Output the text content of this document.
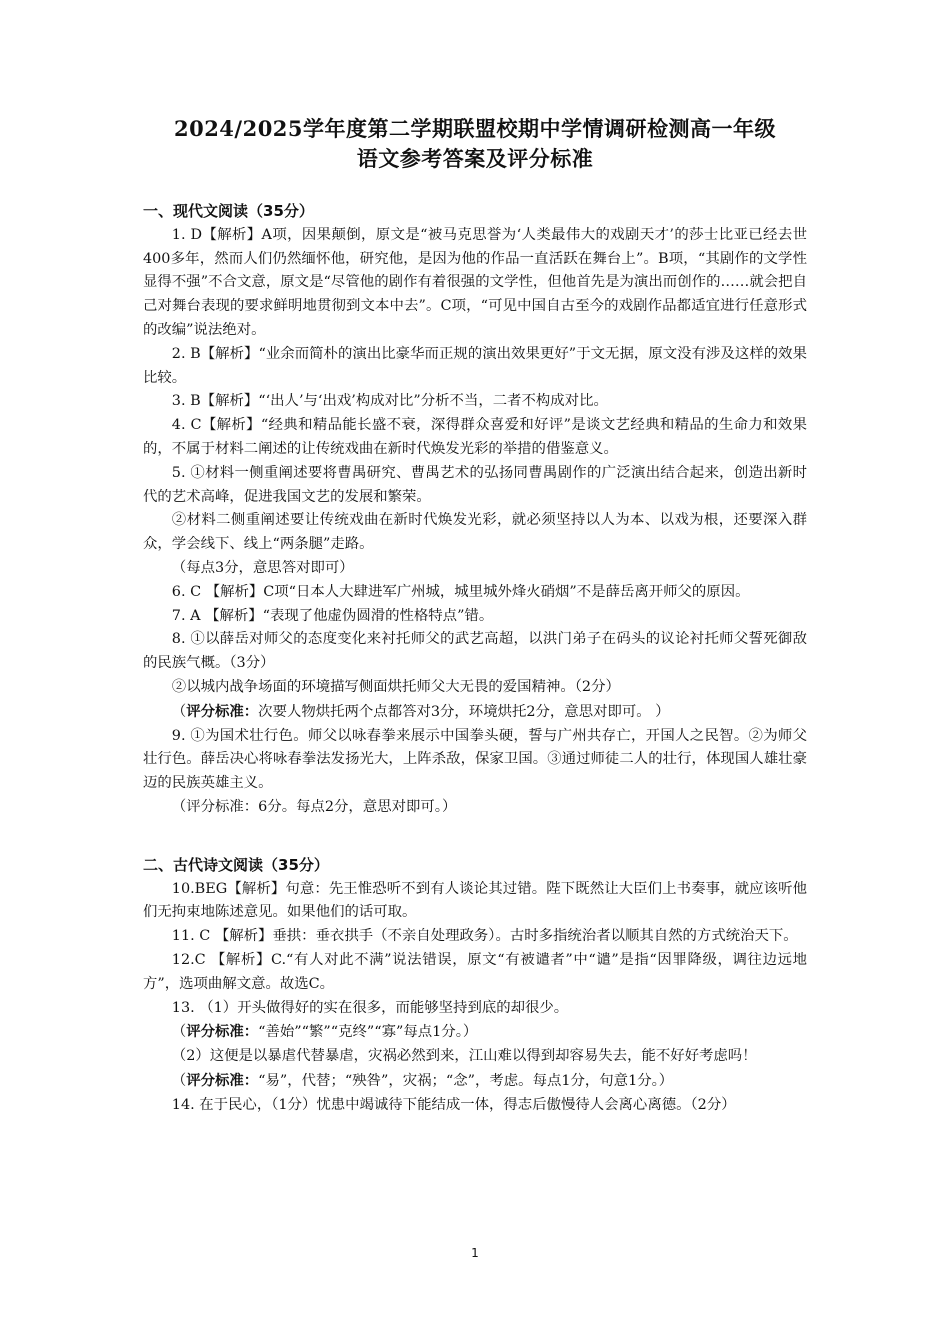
2024/2025学年度第二学期联盟校期中学情调研检测高一年级
语文参考答案及评分标准

一、现代文阅读（35分）

1. D【解析】A项，因果颠倒，原文是“被马克思誉为‘人类最伟大的戏剧天才’的莎士比亚已经去世400多年，然而人们仍然缅怀他，研究他，是因为他的作品一直活跃在舞台上”。B项，“其剧作的文学性显得不强”不合文意，原文是“尽管他的剧作有着很强的文学性，但他首先是为演出而创作的……就会把自己对舞台表现的要求鲜明地贯彻到文本中去”。C项，“可见中国自古至今的戏剧作品都适宜进行任意形式的改编”说法绝对。

2. B【解析】“业余而简朴的演出比豪华而正规的演出效果更好”于文无据，原文没有涉及这样的效果比较。

3. B【解析】“‘出人’与‘出戏’构成对比”分析不当，二者不构成对比。

4. C【解析】“经典和精品能长盛不衰，深得群众喜爱和好评”是谈文艺经典和精品的生命力和效果的，不属于材料二阐述的让传统戏曲在新时代焕发光彩的举措的借鉴意义。

5. ①材料一侧重阐述要将曹禺研究、曹禺艺术的弘扬同曹禺剧作的广泛演出结合起来，创造出新时代的艺术高峰，促进我国文艺的发展和繁荣。

②材料二侧重阐述要让传统戏曲在新时代焕发光彩，就必须坚持以人为本、以戏为根，还要深入群众，学会线下、线上“两条腿”走路。

（每点3分，意思答对即可）

6. C 【解析】C项“日本人大肆进军广州城，城里城外烽火硝烟”不是薛岳离开师父的原因。

7. A 【解析】“表现了他虚伪圆滑的性格特点”错。

8. ①以薛岳对师父的态度变化来衬托师父的武艺高超，以洪门弟子在码头的议论衬托师父誓死御敌的民族气概。（3分）

②以城内战争场面的环境描写侧面烘托师父大无畏的爱国精神。（2分）

（评分标准：次要人物烘托两个点都答对3分，环境烘托2分，意思对即可。 ）

9. ①为国术壮行色。师父以咏春拳来展示中国拳头硬，誓与广州共存亡，开国人之民智。②为师父壮行色。薛岳决心将咏春拳法发扬光大，上阵杀敌，保家卫国。③通过师徒二人的壮行，体现国人雄壮豪迈的民族英雄主义。

（评分标准：6分。每点2分，意思对即可。）

二、古代诗文阅读（35分）

10.BEG【解析】句意：先王惟恐听不到有人谈论其过错。陛下既然让大臣们上书奏事，就应该听他们无拘束地陈述意见。如果他们的话可取。

11. C 【解析】垂拱：垂衣拱手（不亲自处理政务）。古时多指统治者以顺其自然的方式统治天下。

12.C 【解析】C.“有人对此不满”说法错误，原文“有被谴者”中“谴”是指“因罪降级，调往边远地方”，选项曲解文意。故选C。

13. （1）开头做得好的实在很多，而能够坚持到底的却很少。

（评分标准：“善始”“繁”“克终”“寡”每点1分。）

（2）这便是以暴虐代替暴虐，灾祸必然到来，江山难以得到却容易失去，能不好好考虑吗！

（评分标准：“易”，代替；“殃咎”，灾祸；“念”，考虑。每点1分，句意1分。）

14. 在于民心，（1分）忧患中竭诚待下能结成一体，得志后傲慢待人会离心离德。（2分）

1
